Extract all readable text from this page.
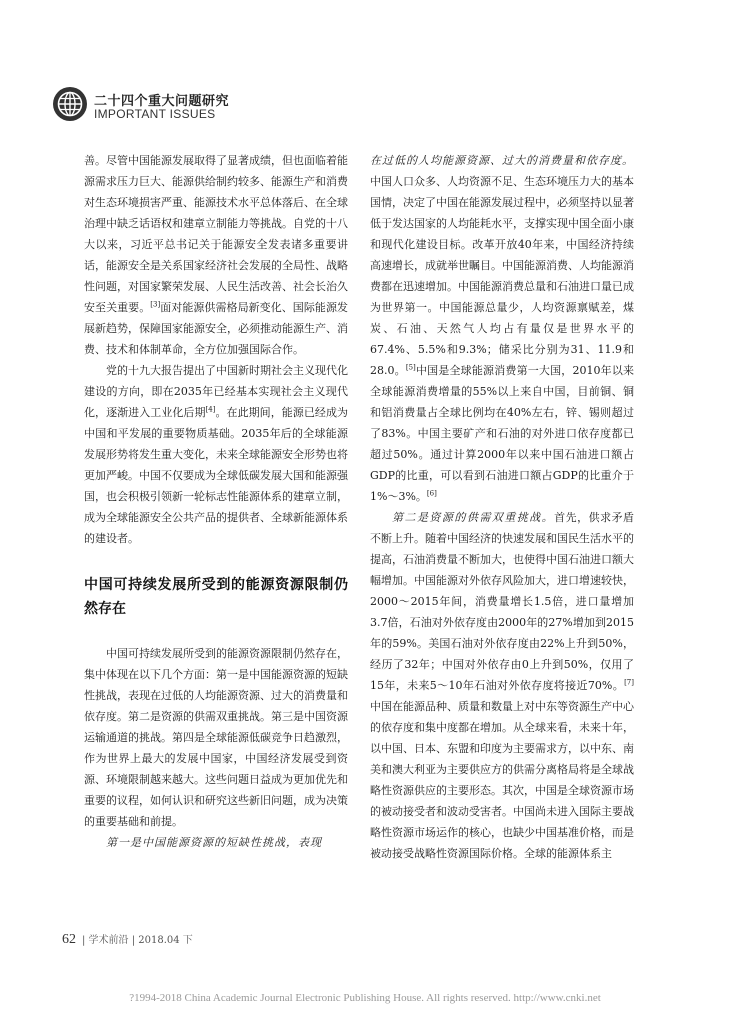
二十四个重大问题研究
IMPORTANT ISSUES

善。尽管中国能源发展取得了显著成绩，但也面临着能源需求压力巨大、能源供给制约较多、能源生产和消费对生态环境损害严重、能源技术水平总体落后、在全球治理中缺乏话语权和建章立制能力等挑战。自党的十八大以来，习近平总书记关于能源安全发表诸多重要讲话，能源安全是关系国家经济社会发展的全局性、战略性问题，对国家繁荣发展、人民生活改善、社会长治久安至关重要。[3]面对能源供需格局新变化、国际能源发展新趋势，保障国家能源安全，必须推动能源生产、消费、技术和体制革命，全方位加强国际合作。

党的十九大报告提出了中国新时期社会主义现代化建设的方向，即在2035年已经基本实现社会主义现代化，逐渐进入工业化后期[4]。在此期间，能源已经成为中国和平发展的重要物质基础。2035年后的全球能源发展形势将发生重大变化，未来全球能源安全形势也将更加严峻。中国不仅要成为全球低碳发展大国和能源强国，也会积极引领新一轮标志性能源体系的建章立制，成为全球能源安全公共产品的提供者、全球新能源体系的建设者。

中国可持续发展所受到的能源资源限制仍然存在

中国可持续发展所受到的能源资源限制仍然存在，集中体现在以下几个方面：第一是中国能源资源的短缺性挑战，表现在过低的人均能源资源、过大的消费量和依存度。第二是资源的供需双重挑战。第三是中国资源运输通道的挑战。第四是全球能源低碳竞争日趋激烈，作为世界上最大的发展中国家，中国经济发展受到资源、环境限制越来越大。这些问题日益成为更加优先和重要的议程，如何认识和研究这些新旧问题，成为决策的重要基础和前提。

第一是中国能源资源的短缺性挑战，表现

在过低的人均能源资源、过大的消费量和依存度。中国人口众多、人均资源不足、生态环境压力大的基本国情，决定了中国在能源发展过程中，必须坚持以显著低于发达国家的人均能耗水平，支撑实现中国全面小康和现代化建设目标。改革开放40年来，中国经济持续高速增长，成就举世瞩目。中国能源消费、人均能源消费都在迅速增加。中国能源消费总量和石油进口量已成为世界第一。中国能源总量少，人均资源禀赋差，煤炭、石油、天然气人均占有量仅是世界水平的67.4%、5.5%和9.3%；储采比分别为31、11.9和28.0。[5]中国是全球能源消费第一大国，2010年以来全球能源消费增量的55%以上来自中国，目前铜、铜和铝消费量占全球比例均在40%左右，锌、锡则超过了83%。中国主要矿产和石油的对外进口依存度都已超过50%。通过计算2000年以来中国石油进口额占GDP的比重，可以看到石油进口额占GDP的比重介于1%～3%。[6]

第二是资源的供需双重挑战。首先，供求矛盾不断上升。随着中国经济的快速发展和国民生活水平的提高，石油消费量不断加大，也使得中国石油进口额大幅增加。中国能源对外依存风险加大，进口增速较快，2000～2015年间，消费量增长1.5倍，进口量增加3.7倍，石油对外依存度由2000年的27%增加到2015年的59%。美国石油对外依存度由22%上升到50%，经历了32年；中国对外依存由0上升到50%，仅用了15年，未来5～10年石油对外依存度将接近70%。[7]中国在能源品种、质量和数量上对中东等资源生产中心的依存度和集中度都在增加。从全球来看，未来十年，以中国、日本、东盟和印度为主要需求方，以中东、南美和澳大利亚为主要供应方的供需分离格局将是全球战略性资源供应的主要形态。其次，中国是全球资源市场的被动接受者和波动受害者。中国尚未进入国际主要战略性资源市场运作的核心，也缺少中国基准价格，而是被动接受战略性资源国际价格。全球的能源体系主

62 | 学术前沿 | 2018.04 下
?1994-2018 China Academic Journal Electronic Publishing House. All rights reserved. http://www.cnki.net
